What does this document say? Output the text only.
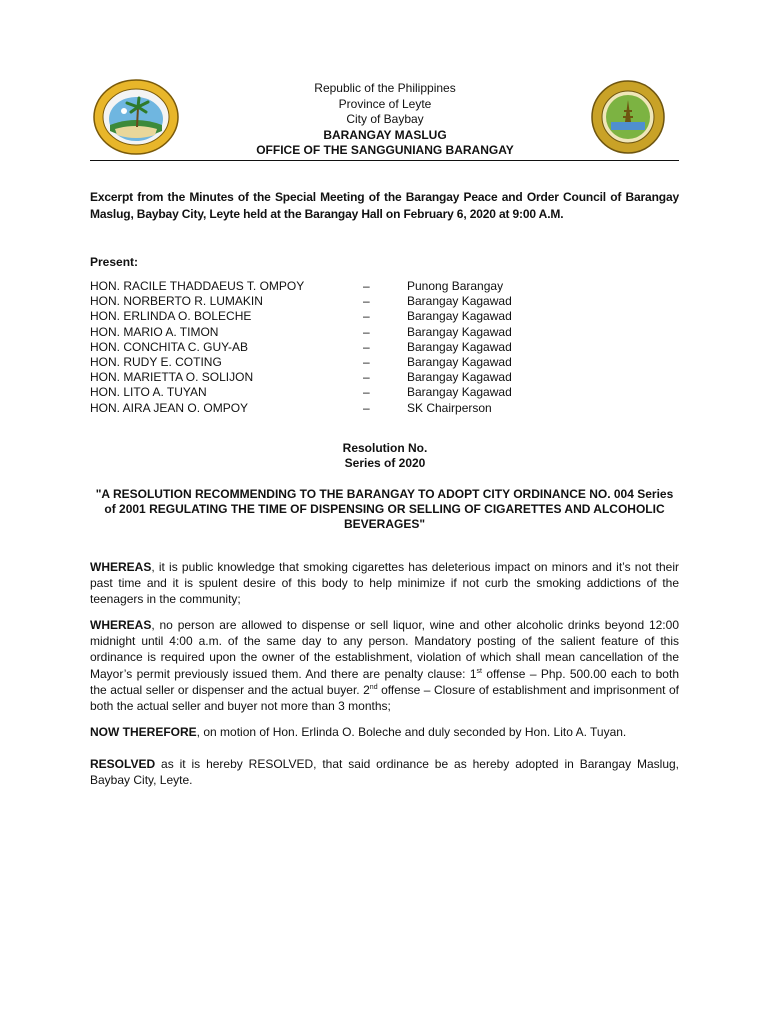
Republic of the Philippines
Province of Leyte
City of Baybay
BARANGAY MASLUG
OFFICE OF THE SANGGUNIANG BARANGAY
Excerpt from the Minutes of the Special Meeting of the Barangay Peace and Order Council of Barangay Maslug, Baybay City, Leyte held at the Barangay Hall on February 6, 2020 at 9:00 A.M.
Present:
HON. RACILE THADDAEUS T. OMPOY	–	Punong Barangay
HON. NORBERTO R. LUMAKIN	–	Barangay Kagawad
HON. ERLINDA O. BOLECHE	–	Barangay Kagawad
HON. MARIO A. TIMON	–	Barangay Kagawad
HON. CONCHITA C. GUY-AB	–	Barangay Kagawad
HON. RUDY E. COTING	–	Barangay Kagawad
HON. MARIETTA O. SOLIJON	–	Barangay Kagawad
HON. LITO A. TUYAN	–	Barangay Kagawad
HON. AIRA JEAN O. OMPOY	–	SK Chairperson
Resolution No.
Series of 2020
"A RESOLUTION RECOMMENDING TO THE BARANGAY TO ADOPT CITY ORDINANCE NO. 004 Series of 2001 REGULATING THE TIME OF DISPENSING OR SELLING OF CIGARETTES AND ALCOHOLIC BEVERAGES"
WHEREAS, it is public knowledge that smoking cigarettes has deleterious impact on minors and it’s not their past time and it is spulent desire of this body to help minimize if not curb the smoking addictions of the teenagers in the community;
WHEREAS, no person are allowed to dispense or sell liquor, wine and other alcoholic drinks beyond 12:00 midnight until 4:00 a.m. of the same day to any person. Mandatory posting of the salient feature of this ordinance is required upon the owner of the establishment, violation of which shall mean cancellation of the Mayor’s permit previously issued them. And there are penalty clause: 1st offense – Php. 500.00 each to both the actual seller or dispenser and the actual buyer. 2nd offense – Closure of establishment and imprisonment of both the actual seller and buyer not more than 3 months;
NOW THEREFORE, on motion of Hon. Erlinda O. Boleche and duly seconded by Hon. Lito A. Tuyan.
RESOLVED as it is hereby RESOLVED, that said ordinance be as hereby adopted in Barangay Maslug, Baybay City, Leyte.
